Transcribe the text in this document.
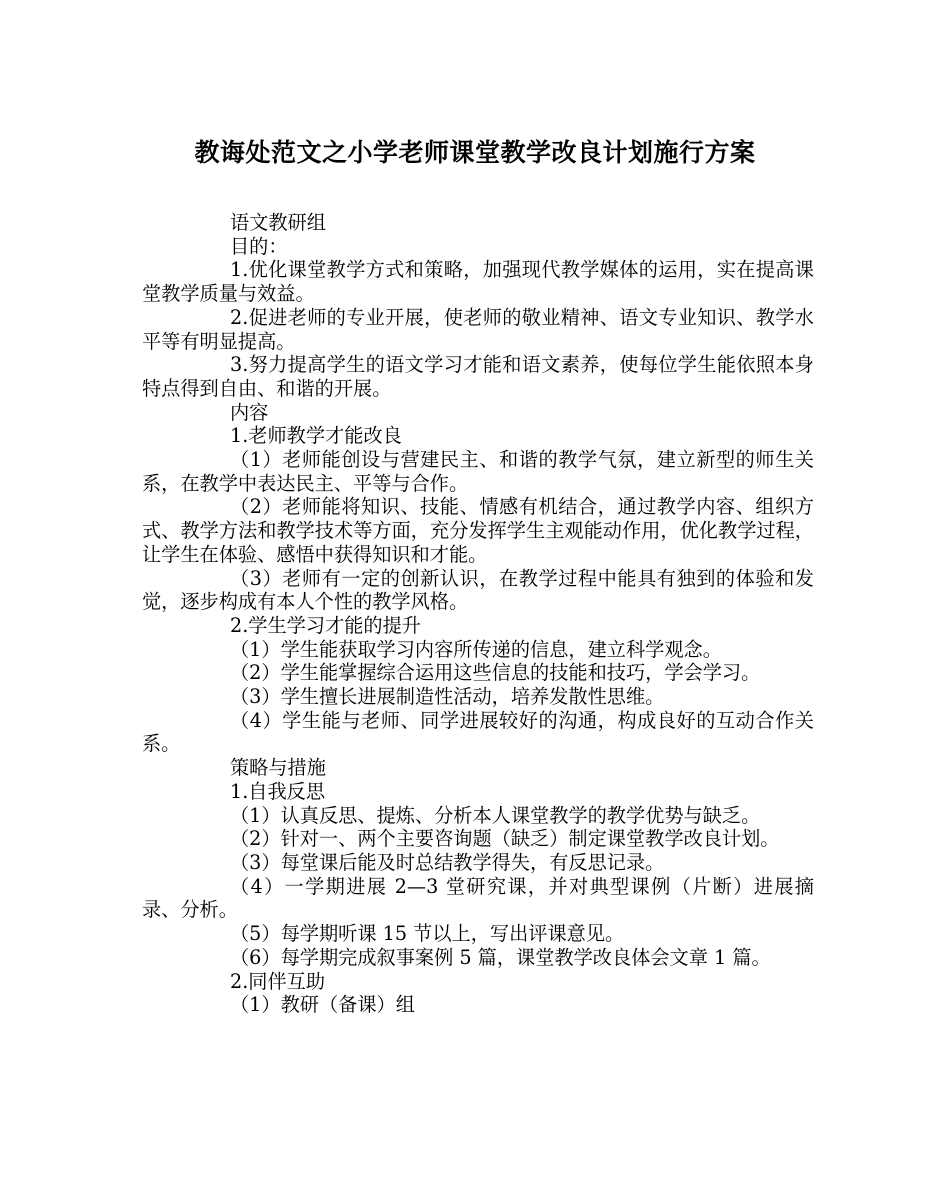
教诲处范文之小学老师课堂教学改良计划施行方案

语文教研组

目的：

1.优化课堂教学方式和策略，加强现代教学媒体的运用，实在提高课堂教学质量与效益。

2.促进老师的专业开展，使老师的敬业精神、语文专业知识、教学水平等有明显提高。

3.努力提高学生的语文学习才能和语文素养，使每位学生能依照本身特点得到自由、和谐的开展。

内容

1.老师教学才能改良

（1）老师能创设与营建民主、和谐的教学气氛，建立新型的师生关系，在教学中表达民主、平等与合作。

（2）老师能将知识、技能、情感有机结合，通过教学内容、组织方式、教学方法和教学技术等方面，充分发挥学生主观能动作用，优化教学过程，让学生在体验、感悟中获得知识和才能。

（3）老师有一定的创新认识，在教学过程中能具有独到的体验和发觉，逐步构成有本人个性的教学风格。

2.学生学习才能的提升

（1）学生能获取学习内容所传递的信息，建立科学观念。

（2）学生能掌握综合运用这些信息的技能和技巧，学会学习。

（3）学生擅长进展制造性活动，培养发散性思维。

（4）学生能与老师、同学进展较好的沟通，构成良好的互动合作关系。

策略与措施

1.自我反思

（1）认真反思、提炼、分析本人课堂教学的教学优势与缺乏。

（2）针对一、两个主要咨询题（缺乏）制定课堂教学改良计划。

（3）每堂课后能及时总结教学得失，有反思记录。

（4）一学期进展 2—3 堂研究课，并对典型课例（片断）进展摘录、分析。

（5）每学期听课 15 节以上，写出评课意见。

（6）每学期完成叙事案例 5 篇，课堂教学改良体会文章 1 篇。

2.同伴互助

（1）教研（备课）组
